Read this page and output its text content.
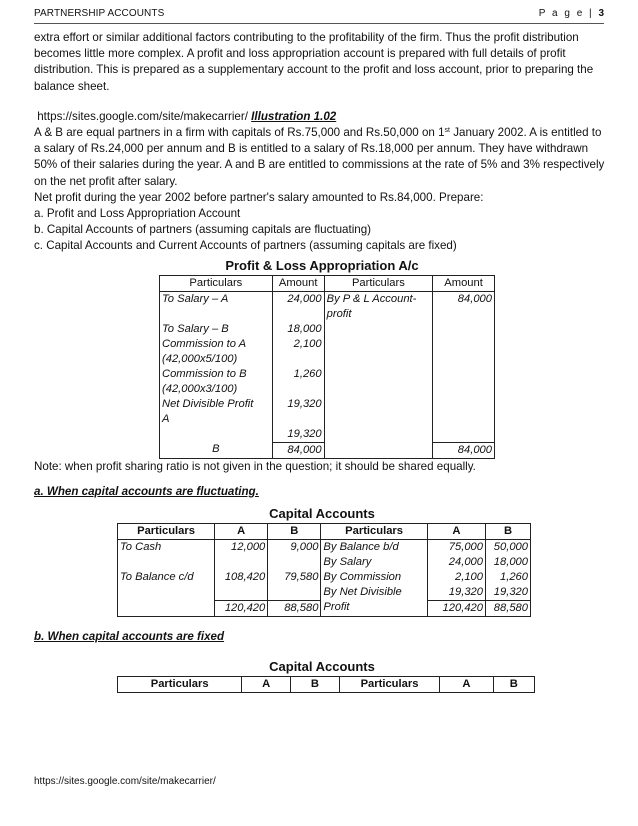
PARTNERSHIP ACCOUNTS	P a g e | 3

extra effort or similar additional factors contributing to the profitability of the firm. Thus the profit distribution becomes little more complex. A profit and loss appropriation account is prepared with full details of profit distribution. This is prepared as a supplementary account to the profit and loss account, prior to preparing the balance sheet.

https://sites.google.com/site/makecarrier/ Illustration 1.02

A & B are equal partners in a firm with capitals of Rs.75,000 and Rs.50,000 on 1st January 2002. A is entitled to a salary of Rs.24,000 per annum and B is entitled to a salary of Rs.18,000 per annum. They have withdrawn 50% of their salaries during the year. A and B are entitled to commissions at the rate of 5% and 3% respectively on the net profit after salary.

Net profit during the year 2002 before partner's salary amounted to Rs.84,000. Prepare:

a. Profit and Loss Appropriation Account

b. Capital Accounts of partners (assuming capitals are fluctuating)

c. Capital Accounts and Current Accounts of partners (assuming capitals are fixed)

Profit & Loss Appropriation A/c
Particulars	Amount	Particulars	Amount
To Salary – A	24,000	By P & L Account-	84,000
		profit	
To Salary – B	18,000		
Commission to A	2,100		
(42,000x5/100)			
Commission to B	1,260		
(42,000x3/100)			
Net Divisible Profit	19,320		
A			
	19,320		
B	84,000		84,000

Note: when profit sharing ratio is not given in the question; it should be shared equally.

a. When capital accounts are fluctuating.
Capital Accounts
Particulars	A	B	Particulars	A	B
To Cash	12,000	9,000	By Balance b/d	75,000	50,000
			By Salary	24,000	18,000
To Balance c/d	108,420	79,580	By Commission	2,100	1,260
			By Net Divisible	19,320	19,320
	120,420	88,580	Profit	120,420	88,580
b. When capital accounts are fixed
Capital Accounts
Particulars	A	B	Particulars	A	B
https://sites.google.com/site/makecarrier/
